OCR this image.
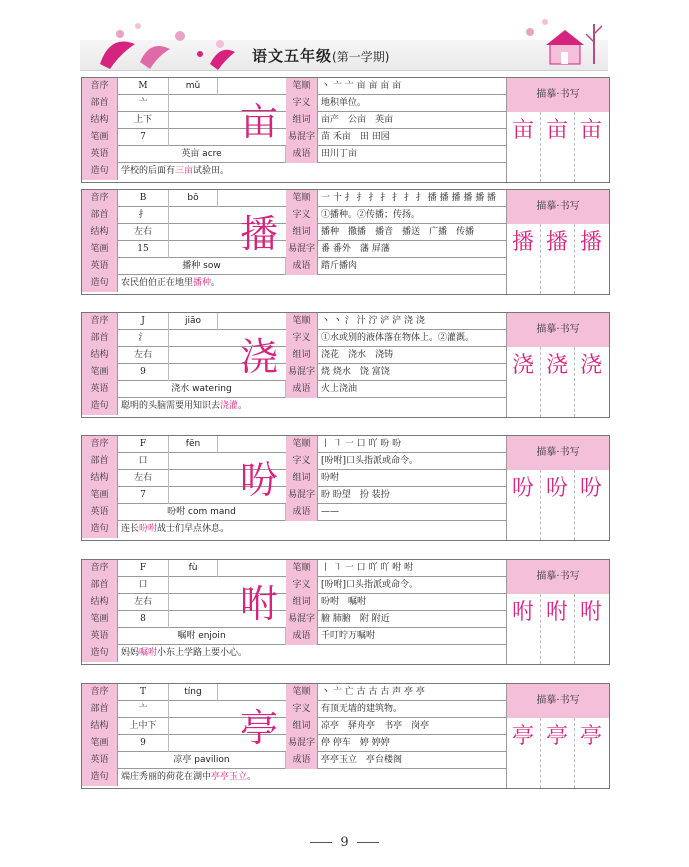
语文五年级(第一学期)
音序	M	mǔ	笔顺	丶 亠 亠 亩 亩 亩 亩
部首	亠	字义	地积单位。
结构	上下	组词	亩产　 公亩　 英亩
笔画	7	易混字 苗 禾亩　田 田园
英语	英亩 acre	成语	田川丁亩
造句	学校的后面有三亩试验田。
亩
描摹·书写
亩 亩 亩
音序	B	bō	笔顺	一 十 扌 扌 扌 扌 扌 扌 扌 播 播 播 播 播 播
部首	扌	字义	①播种。②传播；传扬。
结构	左右	组词	播种　 撒播　 播音　 播送　 广播　 传播
笔画	15	易混字 番 番外　藩 屏藩
英语	播种 sow	成语	踏斤播肉
造句	农民伯伯正在地里播种。
播
描摹·书写
播 播 播
音序	J	jiāo	笔顺	丶 丶 氵 汁 泞 浐 浐 浇 浇
部首	氵	字义	①水或别的液体落在物体上。②灌溉。
结构	左右	组词	浇花　 浇水　 浇铸
笔画	9	易混字 烧 烧水　饶 富饶
英语	浇水 watering	成语	火上浇油
造句	聪明的头脑需要用知识去浇灌。
浇
描摹·书写
浇 浇 浇
音序	F	fēn	笔顺	丨 ㇕ 一 口 吖 吩 吩
部首	口	字义	[吩咐]口头指派或命令。
结构	左右	组词	吩咐
笔画	7	易混字 盼 盼望　扮 装扮
英语	吩咐 com mand	成语	——
造句	连长吩咐战士们早点休息。
吩
描摹·书写
吩 吩 吩
音序	F	fù	笔顺	丨 ㇕ 一 口 吖 吖 咐 咐
部首	口	字义	[吩咐]口头指派或命令。
结构	左右	组词	吩咐　 嘱咐
笔画	8	易混字 腑 肺腑　附 附近
英语	嘱咐 enjoin	成语	千叮咛万嘱咐
造句	妈妈嘱咐小东上学路上要小心。
咐
描摹·书写
咐 咐 咐
音序	T	tíng	笔顺	丶 亠 亡 古 古 古 声 亭 亭
部首	亠	字义	有顶无墙的建筑物。
结构	上中下	组词	凉亭　 驿舟亭　 书亭　 岗亭
笔画	9	易混字 停 停车　婷 婷婷
英语	凉亭 pavilion	成语	亭亭玉立　亭台楼阁
造句	端庄秀丽的荷花在湖中亭亭玉立。
亭
描摹·书写
亭 亭 亭
9
